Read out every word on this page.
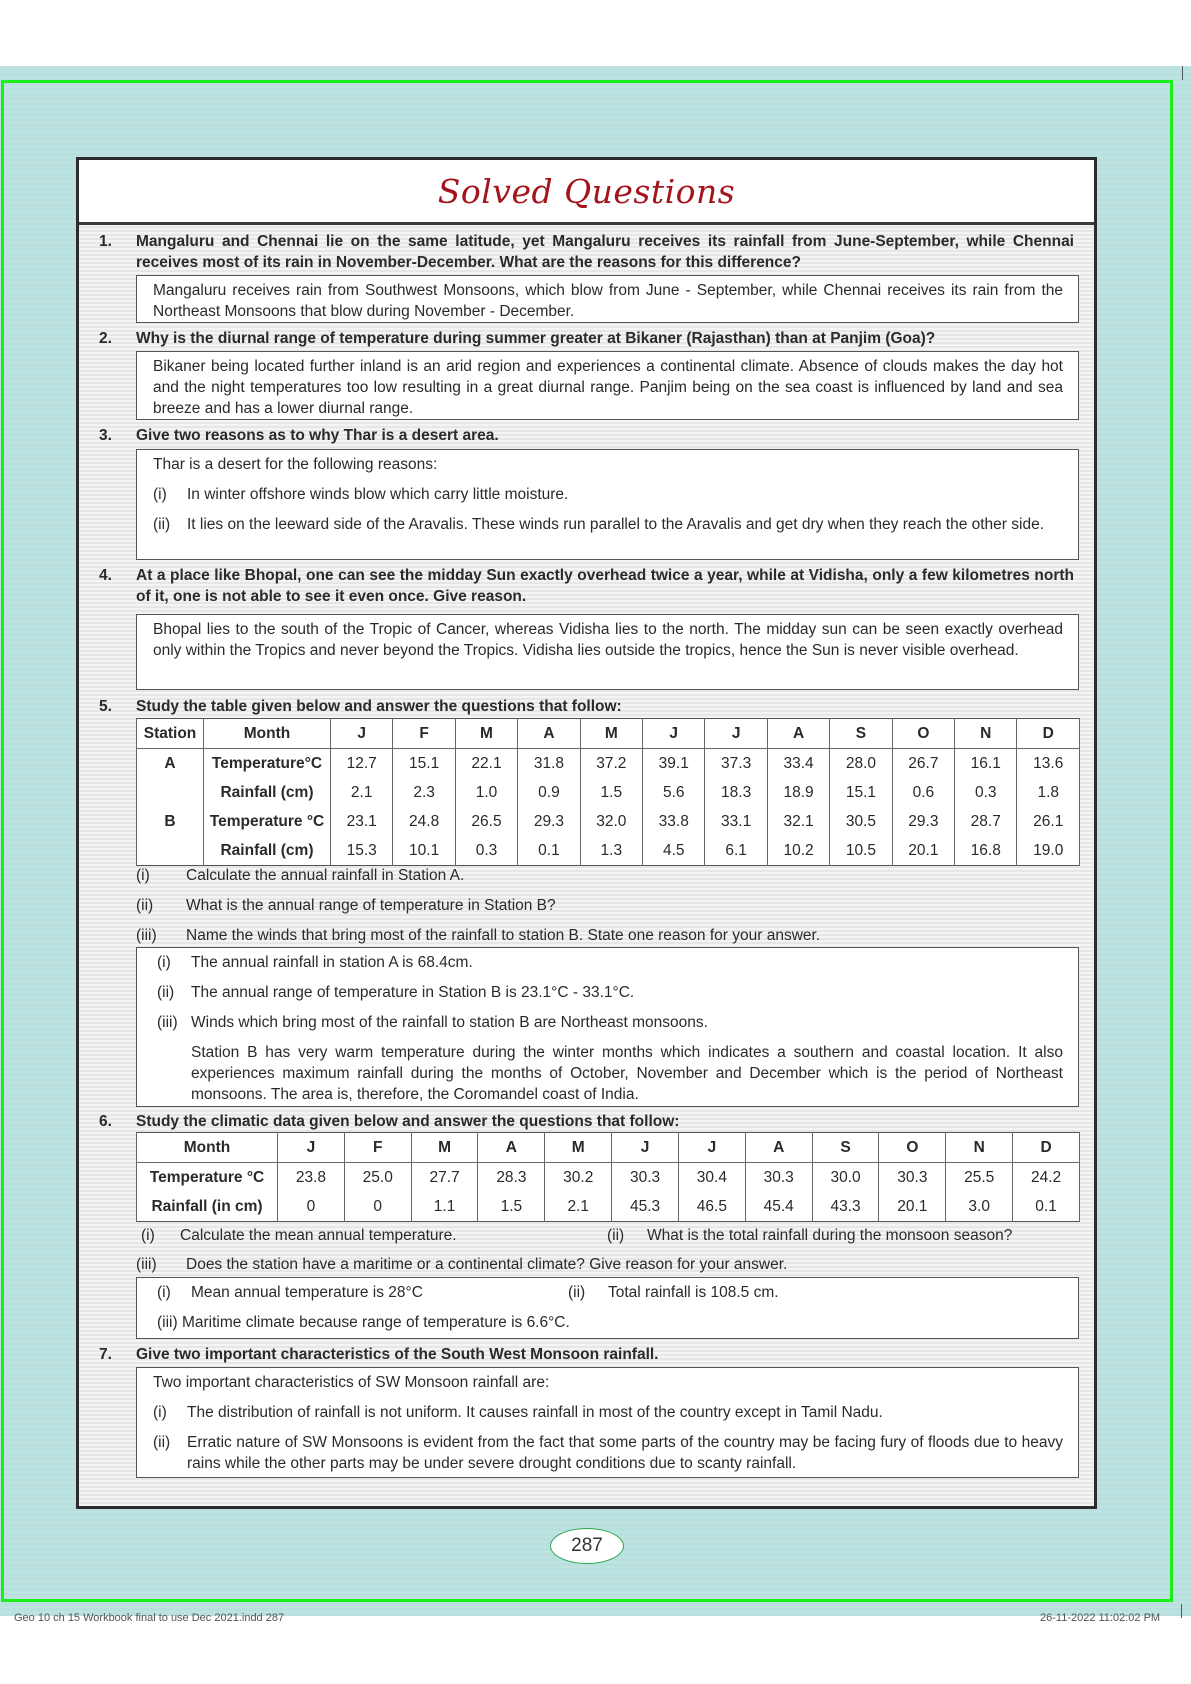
Solved Questions
1. Mangaluru and Chennai lie on the same latitude, yet Mangaluru receives its rainfall from June-September, while Chennai receives most of its rain in November-December. What are the reasons for this difference?

Mangaluru receives rain from Southwest Monsoons, which blow from June - September, while Chennai receives its rain from the Northeast Monsoons that blow during November - December.

2. Why is the diurnal range of temperature during summer greater at Bikaner (Rajasthan) than at Panjim (Goa)?

Bikaner being located further inland is an arid region and experiences a continental climate. Absence of clouds makes the day hot and the night temperatures too low resulting in a great diurnal range. Panjim being on the sea coast is influenced by land and sea breeze and has a lower diurnal range.

3. Give two reasons as to why Thar is a desert area.

Thar is a desert for the following reasons:

(i) In winter offshore winds blow which carry little moisture.
(ii) It lies on the leeward side of the Aravalis. These winds run parallel to the Aravalis and get dry when they reach the other side.
4. At a place like Bhopal, one can see the midday Sun exactly overhead twice a year, while at Vidisha, only a few kilometres north of it, one is not able to see it even once. Give reason.

Bhopal lies to the south of the Tropic of Cancer, whereas Vidisha lies to the north. The midday sun can be seen exactly overhead only within the Tropics and never beyond the Tropics. Vidisha lies outside the tropics, hence the Sun is never visible overhead.

5. Study the table given below and answer the questions that follow:
Station	Month	J	F	M	A	M	J	J	A	S	O	N	D
A	Temperature°C	12.7	15.1	22.1	31.8	37.2	39.1	37.3	33.4	28.0	26.7	16.1	13.6
	Rainfall (cm)	2.1	2.3	1.0	0.9	1.5	5.6	18.3	18.9	15.1	0.6	0.3	1.8
B	Temperature °C	23.1	24.8	26.5	29.3	32.0	33.8	33.1	32.1	30.5	29.3	28.7	26.1
	Rainfall (cm)	15.3	10.1	0.3	0.1	1.3	4.5	6.1	10.2	10.5	20.1	16.8	19.0
(i) Calculate the annual rainfall in Station A.
(ii) What is the annual range of temperature in Station B?
(iii) Name the winds that bring most of the rainfall to station B. State one reason for your answer.
(i) The annual rainfall in station A is 68.4cm.
(ii) The annual range of temperature in Station B is 23.1°C - 33.1°C.
(iii) Winds which bring most of the rainfall to station B are Northeast monsoons.

Station B has very warm temperature during the winter months which indicates a southern and coastal location. It also experiences maximum rainfall during the months of October, November and December which is the period of Northeast monsoons. The area is, therefore, the Coromandel coast of India.

6. Study the climatic data given below and answer the questions that follow:
Month	J	F	M	A	M	J	J	A	S	O	N	D
Temperature °C	23.8	25.0	27.7	28.3	30.2	30.3	30.4	30.3	30.0	30.3	25.5	24.2
Rainfall (in cm)	0	0	1.1	1.5	2.1	45.3	46.5	45.4	43.3	20.1	3.0	0.1
(i) Calculate the mean annual temperature.	(ii) What is the total rainfall during the monsoon season?
(iii) Does the station have a maritime or a continental climate? Give reason for your answer.
(i) Mean annual temperature is 28°C	(ii) Total rainfall is 108.5 cm.
(iii) Maritime climate because range of temperature is 6.6°C.
7. Give two important characteristics of the South West Monsoon rainfall.

Two important characteristics of SW Monsoon rainfall are:

(i) The distribution of rainfall is not uniform. It causes rainfall in most of the country except in Tamil Nadu.
(ii) Erratic nature of SW Monsoons is evident from the fact that some parts of the country may be facing fury of floods due to heavy rains while the other parts may be under severe drought conditions due to scanty rainfall.
287
Geo 10 ch 15 Workbook final to use Dec 2021.indd 287	26-11-2022 11:02:02 PM
